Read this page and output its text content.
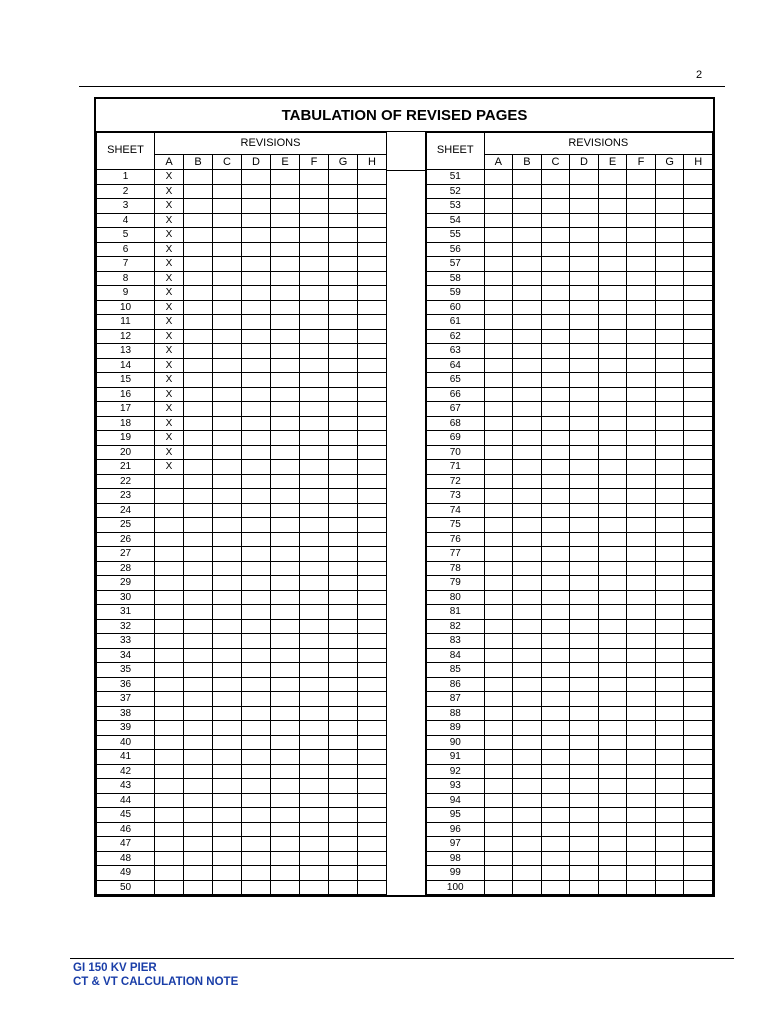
2
TABULATION OF REVISED PAGES
SHEET	REVISIONS							
	A	B	C	D	E	F	G	H
1	X							
2	X							
3	X							
4	X							
5	X							
6	X							
7	X							
8	X							
9	X							
10	X							
11	X							
12	X							
13	X							
14	X							
15	X							
16	X							
17	X							
18	X							
19	X							
20	X							
21	X							
22								
23								
24								
25								
26								
27								
28								
29								
30								
31								
32								
33								
34								
35								
36								
37								
38								
39								
40								
41								
42								
43								
44								
45								
46								
47								
48								
49								
50								
SHEET	REVISIONS							
	A	B	C	D	E	F	G	H
51								
52								
53								
54								
55								
56								
57								
58								
59								
60								
61								
62								
63								
64								
65								
66								
67								
68								
69								
70								
71								
72								
73								
74								
75								
76								
77								
78								
79								
80								
81								
82								
83								
84								
85								
86								
87								
88								
89								
90								
91								
92								
93								
94								
95								
96								
97								
98								
99								
100								
GI 150 KV PIER
CT & VT CALCULATION NOTE
